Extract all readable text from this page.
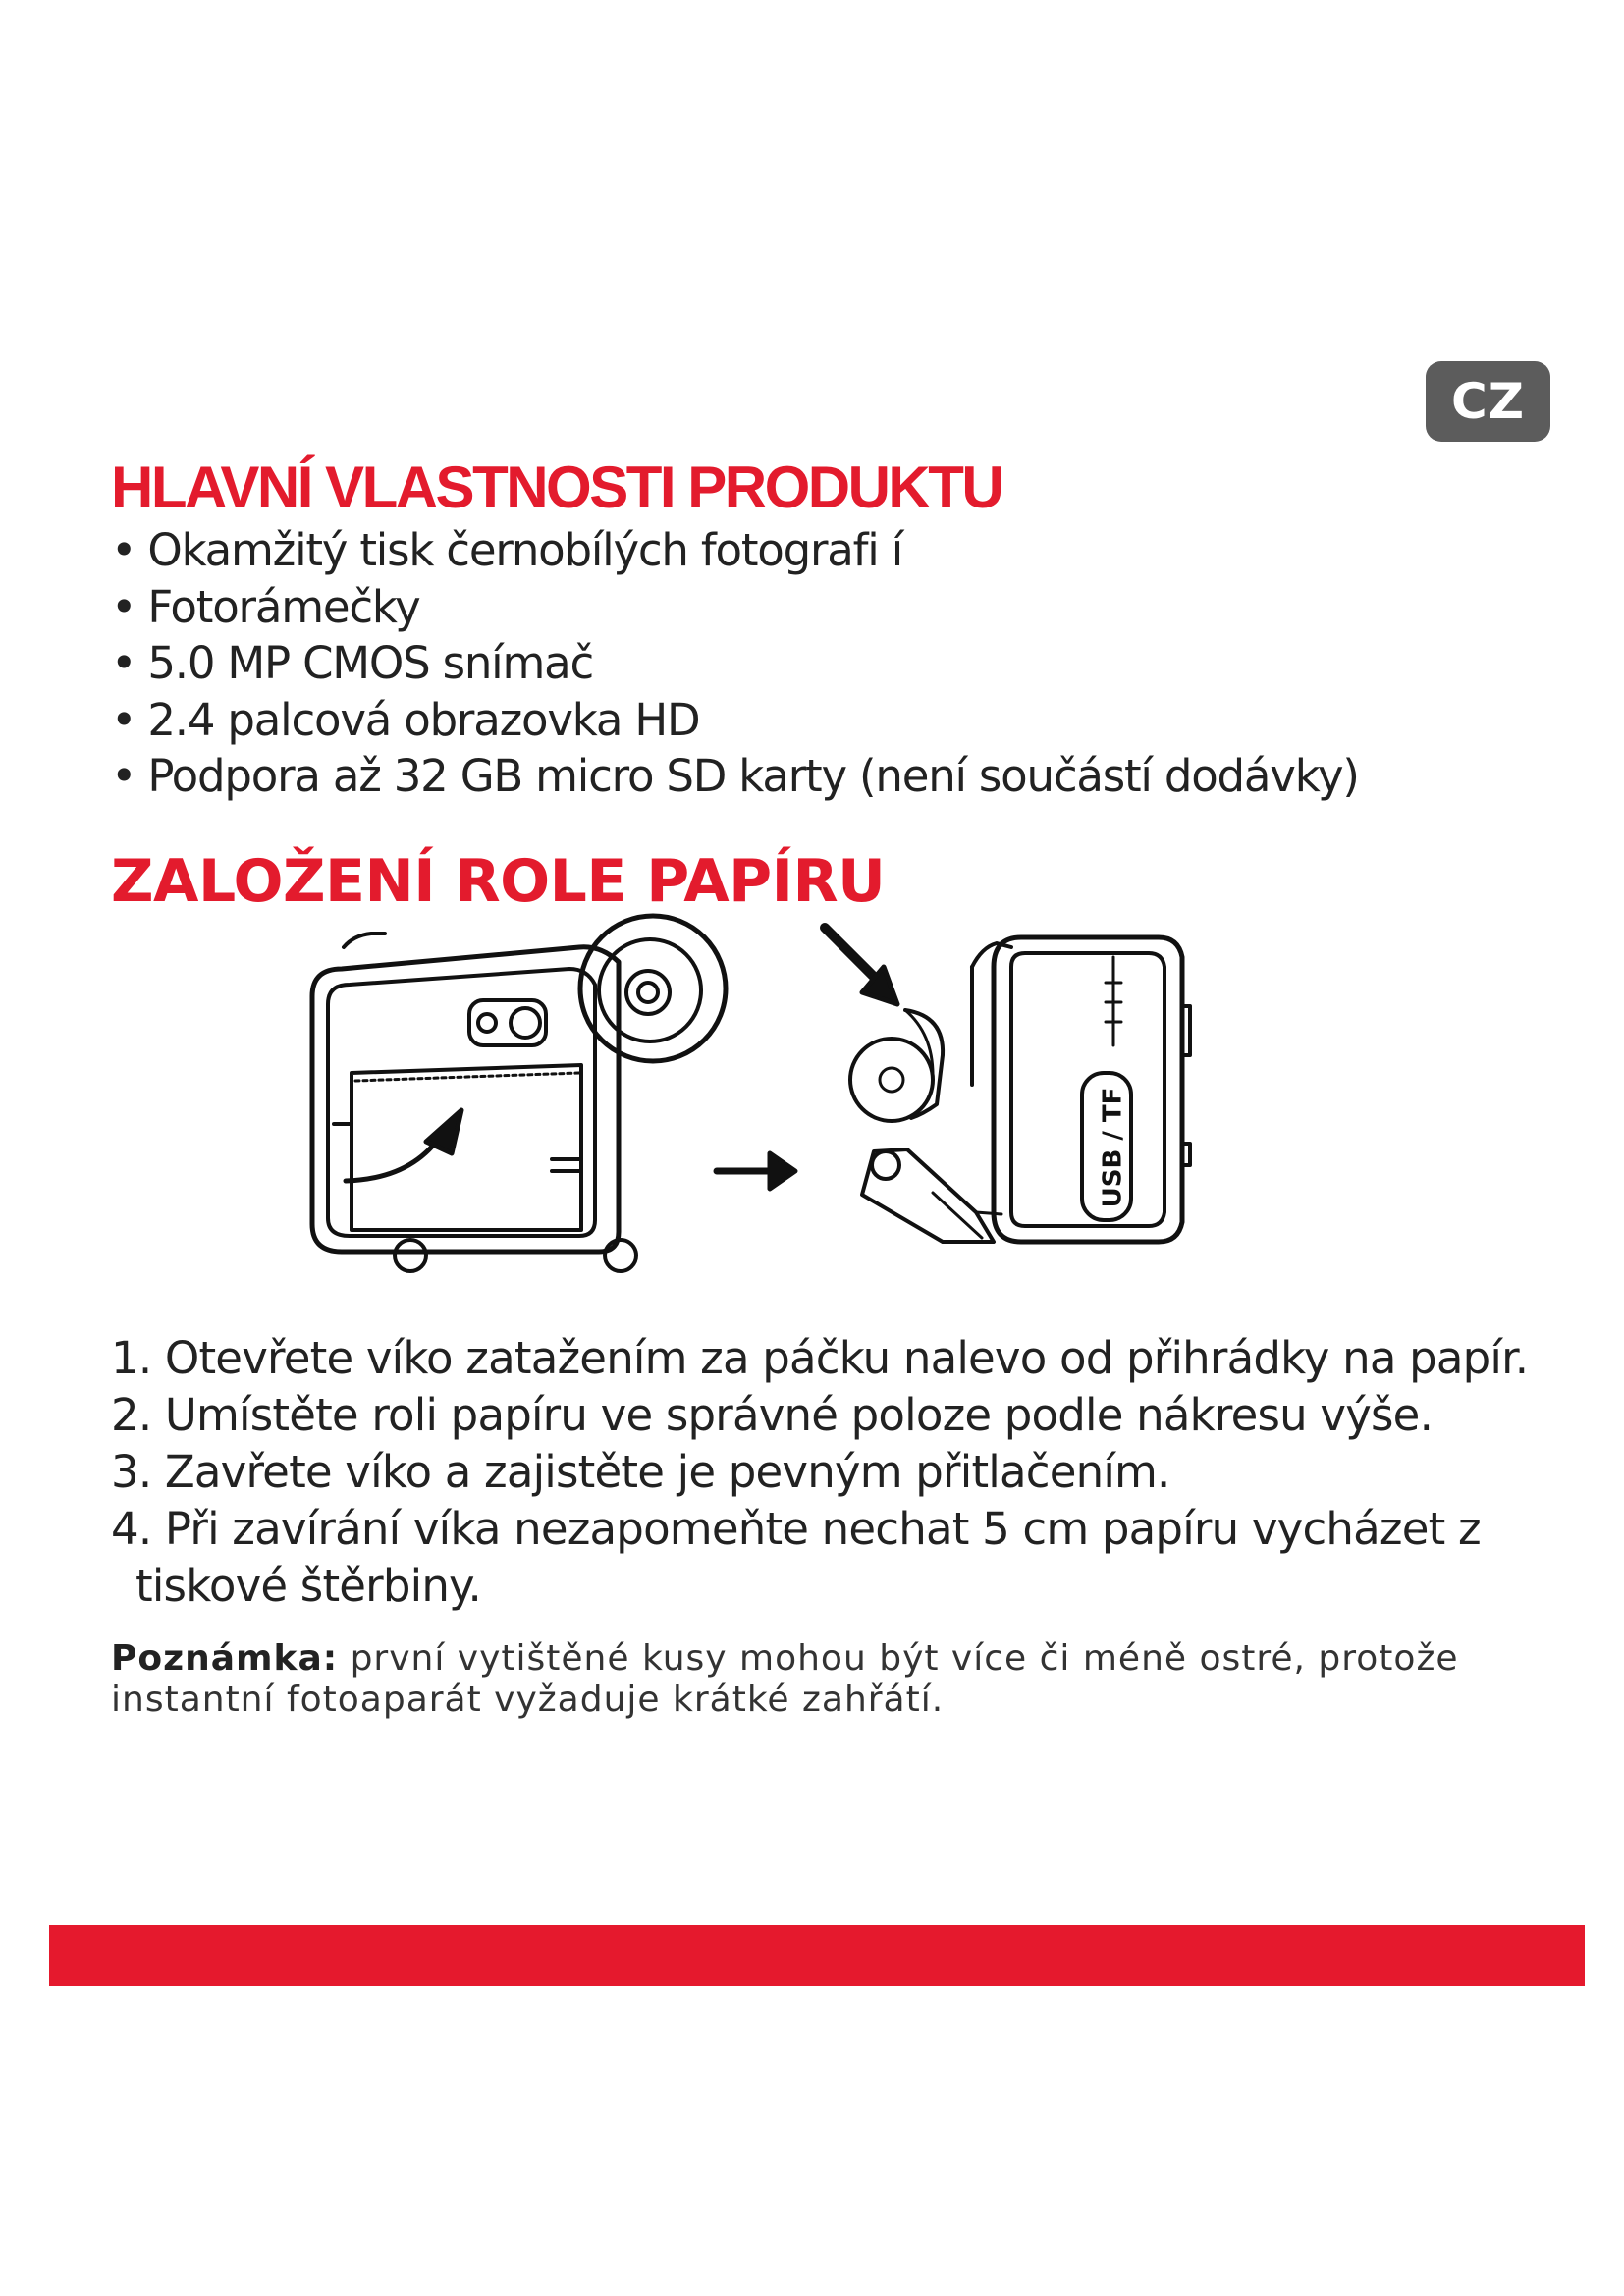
CZ
HLAVNÍ VLASTNOSTI PRODUKTU
• Okamžitý tisk černobílých fotografi í
• Fotorámečky
• 5.0 MP CMOS snímač
• 2.4 palcová obrazovka HD
• Podpora až 32 GB micro SD karty (není součástí dodávky)
ZALOŽENÍ ROLE PAPÍRU
USB / TF
1. Otevřete víko zatažením za páčku nalevo od přihrádky na papír.
2. Umístěte roli papíru ve správné poloze podle nákresu výše.
3. Zavřete víko a zajistěte je pevným přitlačením.
4. Při zavírání víka nezapomeňte nechat 5 cm papíru vycházet z
tiskové štěrbiny.

Poznámka: první vytištěné kusy mohou být více či méně ostré, protože instantní fotoaparát vyžaduje krátké zahřátí.
